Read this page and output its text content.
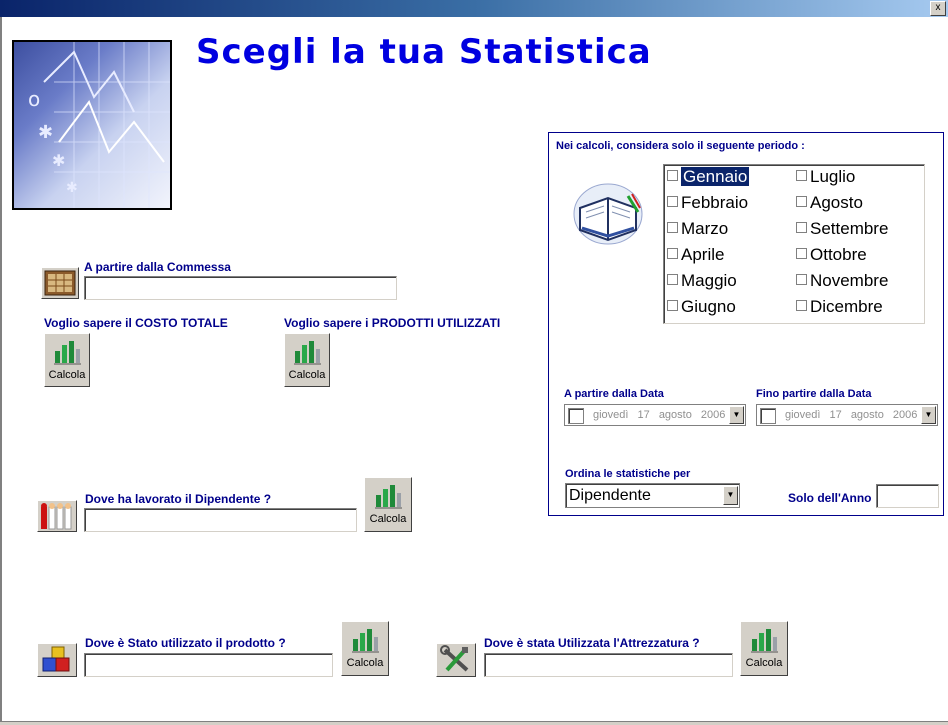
x
o
✱
✱
✱
Scegli la tua Statistica
A partire dalla Commessa
Voglio sapere il COSTO TOTALE
Calcola
Voglio sapere i PRODOTTI UTILIZZATI
Calcola
Dove ha lavorato il Dipendente ?
Calcola
Dove è Stato utilizzato il prodotto ?
Calcola
Dove è stata Utilizzata l'Attrezzatura ?
Calcola
Nei calcoli, considera solo il seguente periodo :
Gennaio
Febbraio
Marzo
Aprile
Maggio
Giugno
Luglio
Agosto
Settembre
Ottobre
Novembre
Dicembre
A partire dalla Data
giovedì 17 agosto 2006 ▼
Fino partire dalla Data
giovedì 17 agosto 2006 ▼
Ordina le statistiche per
Dipendente	▼	Solo dell'Anno
